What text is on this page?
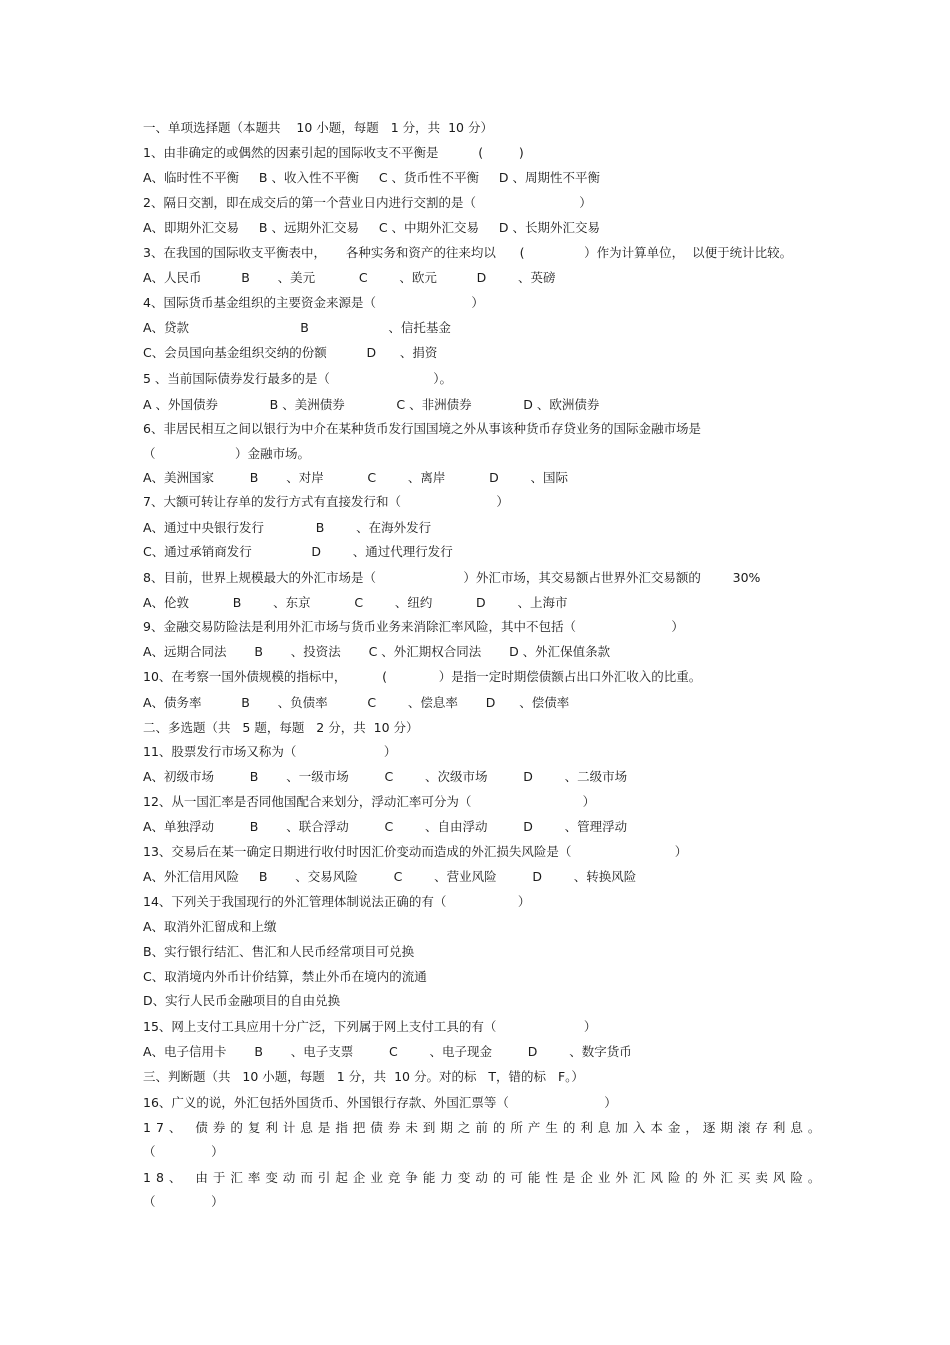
一、单项选择题（本题共    10 小题，每题   1 分，共  10 分）
1、由非确定的或偶然的因素引起的国际收支不平衡是          (         )
A、临时性不平衡     B 、收入性不平衡     C 、货币性不平衡     D 、周期性不平衡
2、隔日交割，即在成交后的第一个营业日内进行交割的是（                          ）
A、即期外汇交易     B 、远期外汇交易     C 、中期外汇交易     D 、长期外汇交易
3、在我国的国际收支平衡表中，     各种实务和资产的往来均以      (               ）作为计算单位，  以便于统计比较。
A、人民币          B       、美元           C        、欧元          D        、英磅
4、国际货币基金组织的主要资金来源是（                        ）
A、贷款                            B                    、信托基金
C、会员国向基金组织交纳的份额          D      、捐资
5 、当前国际债券发行最多的是（                          ）。
A 、外国债券             B 、美洲债券             C 、非洲债券             D 、欧洲债券
6、非居民相互之间以银行为中介在某种货币发行国国境之外从事该种货币存贷业务的国际金融市场是
（                    ）金融市场。
A、美洲国家         B       、对岸           C        、离岸           D        、国际
7、大额可转让存单的发行方式有直接发行和（                        ）
A、通过中央银行发行             B        、在海外发行
C、通过承销商发行               D        、通过代理行发行
8、目前，世界上规模最大的外汇市场是（                      ）外汇市场，其交易额占世界外汇交易额的        30%
A、伦敦           B        、东京           C        、纽约           D        、上海市
9、金融交易防险法是利用外汇市场与货币业务来消除汇率风险，其中不包括（                        ）
A、远期合同法       B       、投资法       C 、外汇期权合同法       D 、外汇保值条款
10、在考察一国外债规模的指标中，         (             ）是指一定时期偿债额占出口外汇收入的比重。
A、债务率          B       、负债率          C        、偿息率       D      、偿债率
二、多选题（共   5 题，每题   2 分，共  10 分）
11、股票发行市场又称为（                      ）
A、初级市场         B       、一级市场         C        、次级市场         D        、二级市场
12、从一国汇率是否同他国配合来划分，浮动汇率可分为（                            ）
A、单独浮动         B       、联合浮动         C        、自由浮动         D        、管理浮动
13、交易后在某一确定日期进行收付时因汇价变动而造成的外汇损失风险是（                          ）
A、外汇信用风险     B       、交易风险         C        、营业风险         D        、转换风险
14、下列关于我国现行的外汇管理体制说法正确的有（                  ）
A、取消外汇留成和上缴
B、实行银行结汇、售汇和人民币经常项目可兑换
C、取消境内外币计价结算，禁止外币在境内的流通
D、实行人民币金融项目的自由兑换
15、网上支付工具应用十分广泛，下列属于网上支付工具的有（                      ）
A、电子信用卡       B       、电子支票         C        、电子现金         D        、数字货币
三、判断题（共   10 小题，每题   1 分，共  10 分。对的标   T，错的标   F。）
16、广义的说，外汇包括外国货币、外国银行存款、外国汇票等（                        ）
17、 债券的复利计息是指把债券未到期之前的所产生的利息加入本金，逐期滚存利息。
（              ）
18、 由于汇率变动而引起企业竞争能力变动的可能性是企业外汇风险的外汇买卖风险。
（              ）
